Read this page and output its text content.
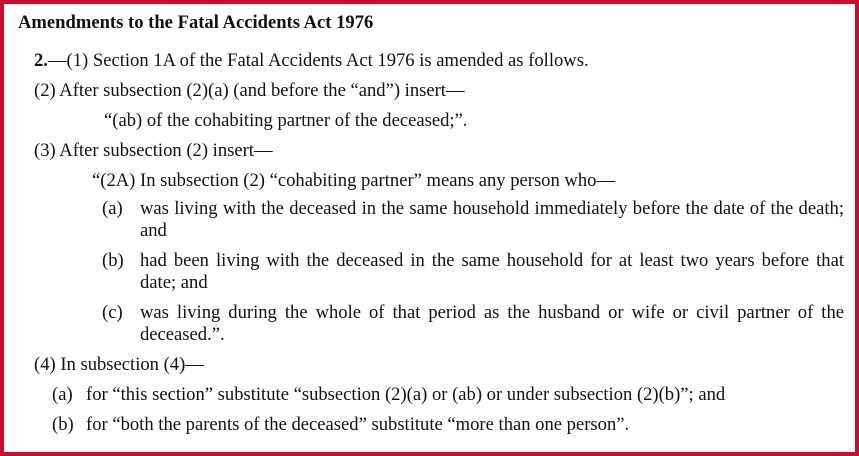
Amendments to the Fatal Accidents Act 1976

2.—(1) Section 1A of the Fatal Accidents Act 1976 is amended as follows.

(2) After subsection (2)(a) (and before the “and”) insert—

“(ab) of the cohabiting partner of the deceased;”.

(3) After subsection (2) insert—

“(2A) In subsection (2) “cohabiting partner” means any person who—

(a) was living with the deceased in the same household immediately before the date of the death; and
(b) had been living with the deceased in the same household for at least two years before that date; and
(c) was living during the whole of that period as the husband or wife or civil partner of the deceased.”.

(4) In subsection (4)—

(a) for “this section” substitute “subsection (2)(a) or (ab) or under subsection (2)(b)”; and
(b) for “both the parents of the deceased” substitute “more than one person”.
